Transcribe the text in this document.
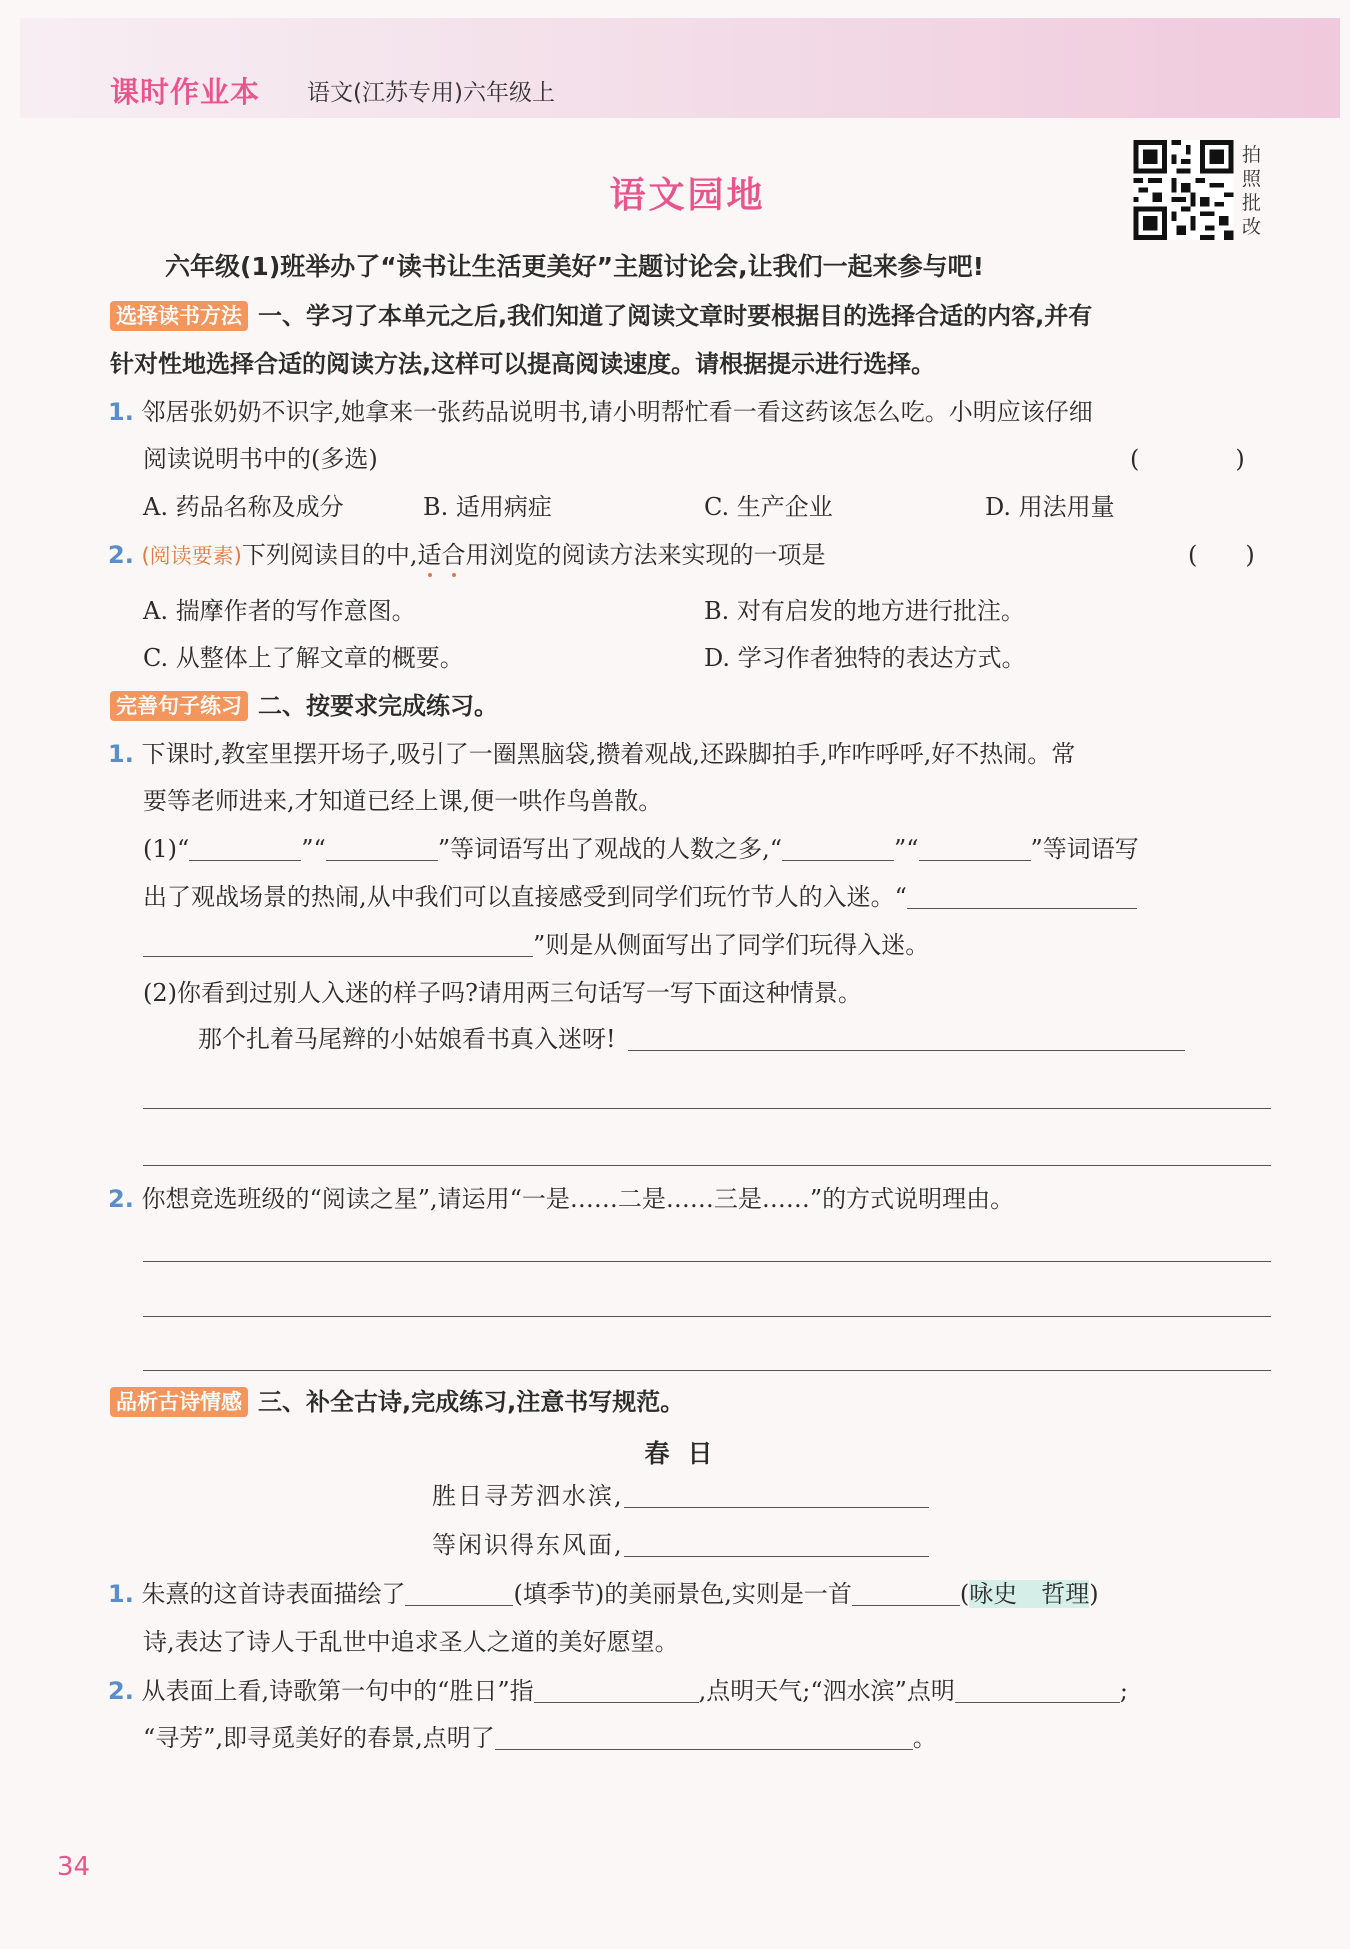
课时作业本 语文(江苏专用)六年级上
语文园地
拍
照
批
改
六年级(1)班举办了“读书让生活更美好”主题讨论会,让我们一起来参与吧!
选择读书方法 一、学习了本单元之后,我们知道了阅读文章时要根据目的选择合适的内容,并有
针对性地选择合适的阅读方法,这样可以提高阅读速度。请根据提示进行选择。
1. 邻居张奶奶不识字,她拿来一张药品说明书,请小明帮忙看一看这药该怎么吃。小明应该仔细
阅读说明书中的(多选)	(　　　　)
A. 药品名称及成分	B. 适用病症	C. 生产企业	D. 用法用量
2. (阅读要素)下列阅读目的中,适合用浏览的阅读方法来实现的一项是	(　　)
A. 揣摩作者的写作意图。	B. 对有启发的地方进行批注。
C. 从整体上了解文章的概要。	D. 学习作者独特的表达方式。
完善句子练习 二、按要求完成练习。
1. 下课时,教室里摆开场子,吸引了一圈黑脑袋,攒着观战,还跺脚拍手,咋咋呼呼,好不热闹。常
要等老师进来,才知道已经上课,便一哄作鸟兽散。
(1)“	”“	”等词语写出了观战的人数之多,“	”“	”等词语写
出了观战场景的热闹,从中我们可以直接感受到同学们玩竹节人的入迷。“
”则是从侧面写出了同学们玩得入迷。
(2)你看到过别人入迷的样子吗?请用两三句话写一写下面这种情景。
那个扎着马尾辫的小姑娘看书真入迷呀!
2. 你想竞选班级的“阅读之星”,请运用“一是……二是……三是……”的方式说明理由。
品析古诗情感 三、补全古诗,完成练习,注意书写规范。
春日
胜日寻芳泗水滨,
等闲识得东风面,
1. 朱熹的这首诗表面描绘了	(填季节)的美丽景色,实则是一首	(咏史　 哲理)
诗,表达了诗人于乱世中追求圣人之道的美好愿望。
2. 从表面上看,诗歌第一句中的“胜日”指	,点明天气;“泗水滨”点明	;
“寻芳”,即寻觅美好的春景,点明了	。
34
